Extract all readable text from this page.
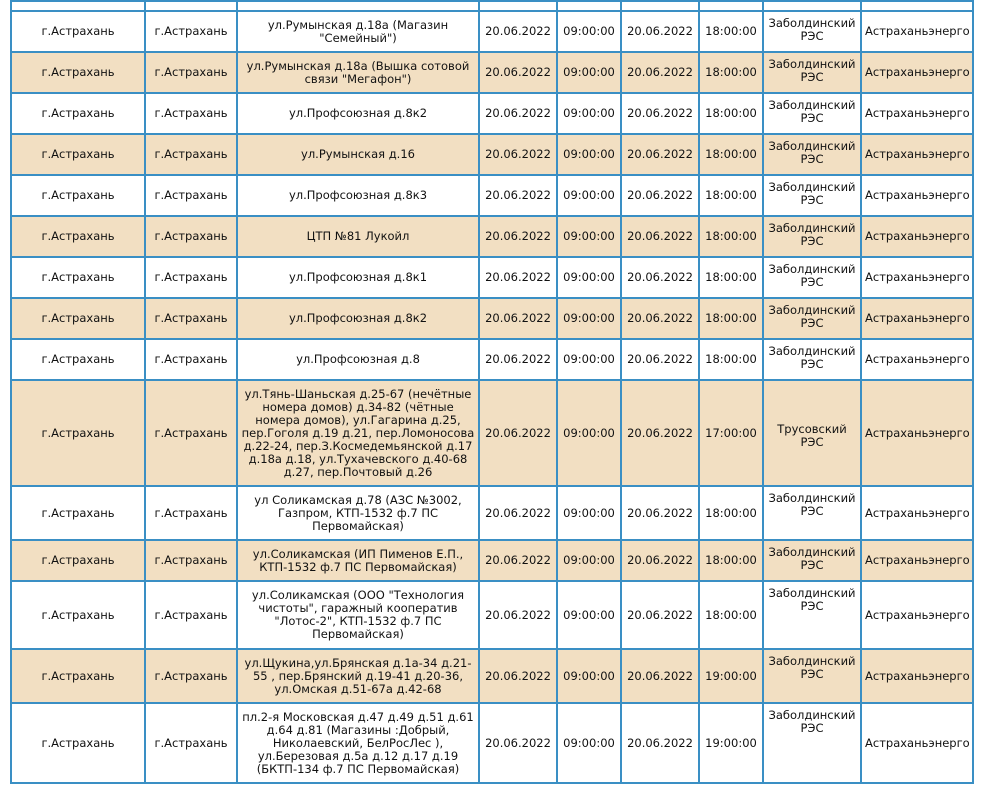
г.Астрахань	г.Астрахань	ул.Румынская д.18а (Магазин "Семейный")	20.06.2022	09:00:00	20.06.2022	18:00:00	Заболдинский РЭС	Астраханьэнерго
г.Астрахань	г.Астрахань	ул.Румынская д.18а (Вышка сотовой связи "Мегафон")	20.06.2022	09:00:00	20.06.2022	18:00:00	Заболдинский РЭС	Астраханьэнерго
г.Астрахань	г.Астрахань	ул.Профсоюзная д.8к2	20.06.2022	09:00:00	20.06.2022	18:00:00	Заболдинский РЭС	Астраханьэнерго
г.Астрахань	г.Астрахань	ул.Румынская д.16	20.06.2022	09:00:00	20.06.2022	18:00:00	Заболдинский РЭС	Астраханьэнерго
г.Астрахань	г.Астрахань	ул.Профсоюзная д.8к3	20.06.2022	09:00:00	20.06.2022	18:00:00	Заболдинский РЭС	Астраханьэнерго
г.Астрахань	г.Астрахань	ЦТП №81 Лукойл	20.06.2022	09:00:00	20.06.2022	18:00:00	Заболдинский РЭС	Астраханьэнерго
г.Астрахань	г.Астрахань	ул.Профсоюзная д.8к1	20.06.2022	09:00:00	20.06.2022	18:00:00	Заболдинский РЭС	Астраханьэнерго
г.Астрахань	г.Астрахань	ул.Профсоюзная д.8к2	20.06.2022	09:00:00	20.06.2022	18:00:00	Заболдинский РЭС	Астраханьэнерго
г.Астрахань	г.Астрахань	ул.Профсоюзная д.8	20.06.2022	09:00:00	20.06.2022	18:00:00	Заболдинский РЭС	Астраханьэнерго
г.Астрахань	г.Астрахань	ул.Тянь-Шаньская д.25-67 (нечётные номера домов) д.34-82 (чётные номера домов), ул.Гагарина д.25, пер.Гоголя д.19 д.21, пер.Ломоносова д.22-24, пер.З.Космедемьянской д.17 д.18а д.18, ул.Тухачевского д.40-68 д.27, пер.Почтовый д.26	20.06.2022	09:00:00	20.06.2022	17:00:00	Трусовский РЭС	Астраханьэнерго
г.Астрахань	г.Астрахань	ул Соликамская д.78 (АЗС №3002, Газпром, КТП-1532 ф.7 ПС Первомайская)	20.06.2022	09:00:00	20.06.2022	18:00:00	Заболдинский РЭС	Астраханьэнерго
г.Астрахань	г.Астрахань	ул.Соликамская (ИП Пименов Е.П., КТП-1532 ф.7 ПС Первомайская)	20.06.2022	09:00:00	20.06.2022	18:00:00	Заболдинский РЭС	Астраханьэнерго
г.Астрахань	г.Астрахань	ул.Соликамская (ООО "Технология чистоты", гаражный кооператив "Лотос-2", КТП-1532 ф.7 ПС Первомайская)	20.06.2022	09:00:00	20.06.2022	18:00:00	Заболдинский РЭС	Астраханьэнерго
г.Астрахань	г.Астрахань	ул.Щукина,ул.Брянская д.1а-34 д.21-55 , пер.Брянский д.19-41 д.20-36, ул.Омская д.51-67а д.42-68	20.06.2022	09:00:00	20.06.2022	19:00:00	Заболдинский РЭС	Астраханьэнерго
г.Астрахань	г.Астрахань	пл.2-я Московская д.47 д.49 д.51 д.61 д.64 д.81 (Магазины :Добрый, Николаевский, БелРосЛес ), ул.Березовая д.5а д.12 д.17 д.19 (БКТП-134 ф.7 ПС Первомайская)	20.06.2022	09:00:00	20.06.2022	19:00:00	Заболдинский РЭС	Астраханьэнерго
